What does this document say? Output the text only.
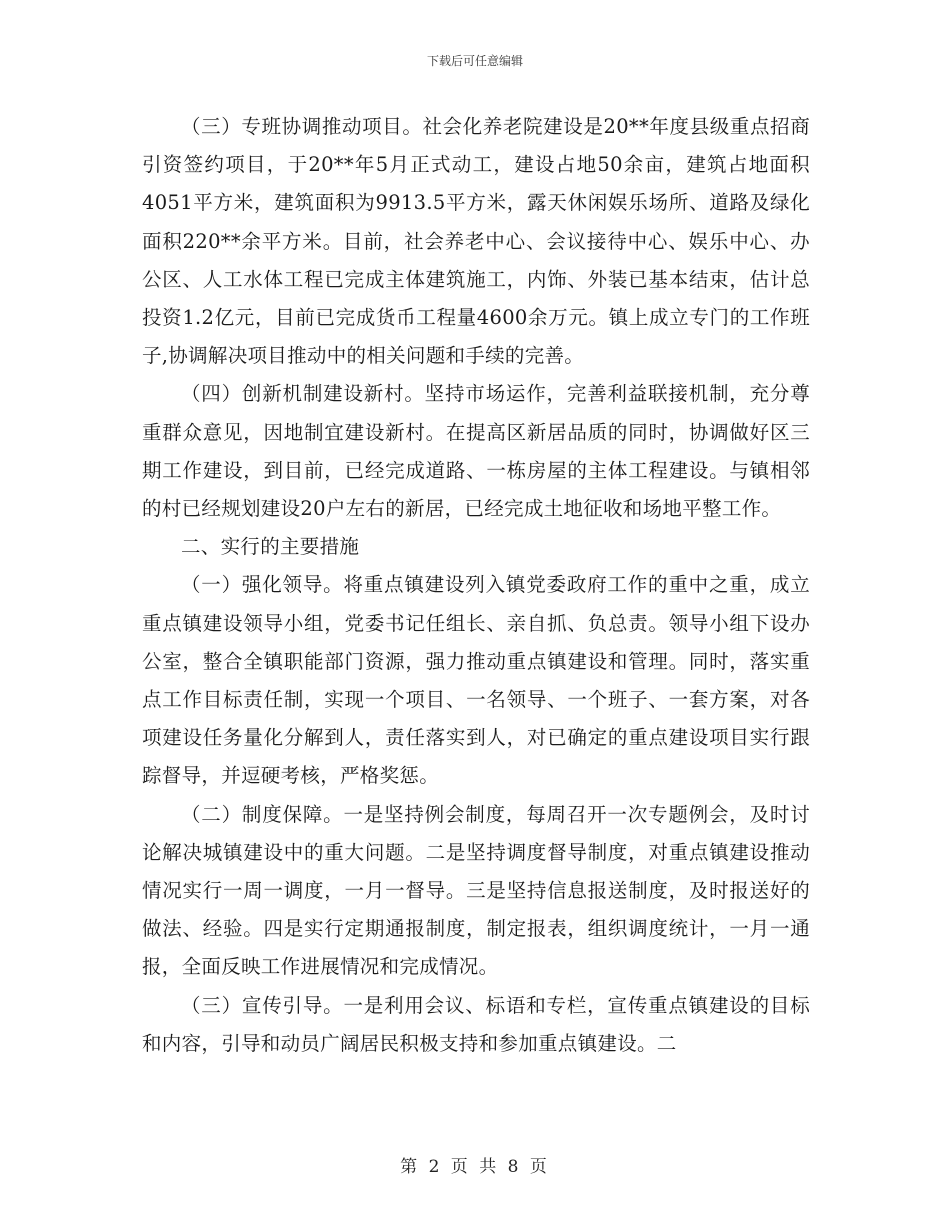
下载后可任意编辑

（三）专班协调推动项目。社会化养老院建设是20**年度县级重点招商引资签约项目，于20**年5月正式动工，建设占地50余亩，建筑占地面积4051平方米，建筑面积为9913.5平方米，露天休闲娱乐场所、道路及绿化面积220**余平方米。目前，社会养老中心、会议接待中心、娱乐中心、办公区、人工水体工程已完成主体建筑施工，内饰、外装已基本结束，估计总投资1.2亿元，目前已完成货币工程量4600余万元。镇上成立专门的工作班子,协调解决项目推动中的相关问题和手续的完善。

（四）创新机制建设新村。坚持市场运作，完善利益联接机制，充分尊重群众意见，因地制宜建设新村。在提高区新居品质的同时，协调做好区三期工作建设，到目前，已经完成道路、一栋房屋的主体工程建设。与镇相邻的村已经规划建设20户左右的新居，已经完成土地征收和场地平整工作。

二、实行的主要措施

（一）强化领导。将重点镇建设列入镇党委政府工作的重中之重，成立重点镇建设领导小组，党委书记任组长、亲自抓、负总责。领导小组下设办公室，整合全镇职能部门资源，强力推动重点镇建设和管理。同时，落实重点工作目标责任制，实现一个项目、一名领导、一个班子、一套方案，对各项建设任务量化分解到人，责任落实到人，对已确定的重点建设项目实行跟踪督导，并逗硬考核，严格奖惩。

（二）制度保障。一是坚持例会制度，每周召开一次专题例会，及时讨论解决城镇建设中的重大问题。二是坚持调度督导制度，对重点镇建设推动情况实行一周一调度，一月一督导。三是坚持信息报送制度，及时报送好的做法、经验。四是实行定期通报制度，制定报表，组织调度统计，一月一通报，全面反映工作进展情况和完成情况。

（三）宣传引导。一是利用会议、标语和专栏，宣传重点镇建设的目标和内容，引导和动员广阔居民积极支持和参加重点镇建设。二

第 2 页 共 8 页
